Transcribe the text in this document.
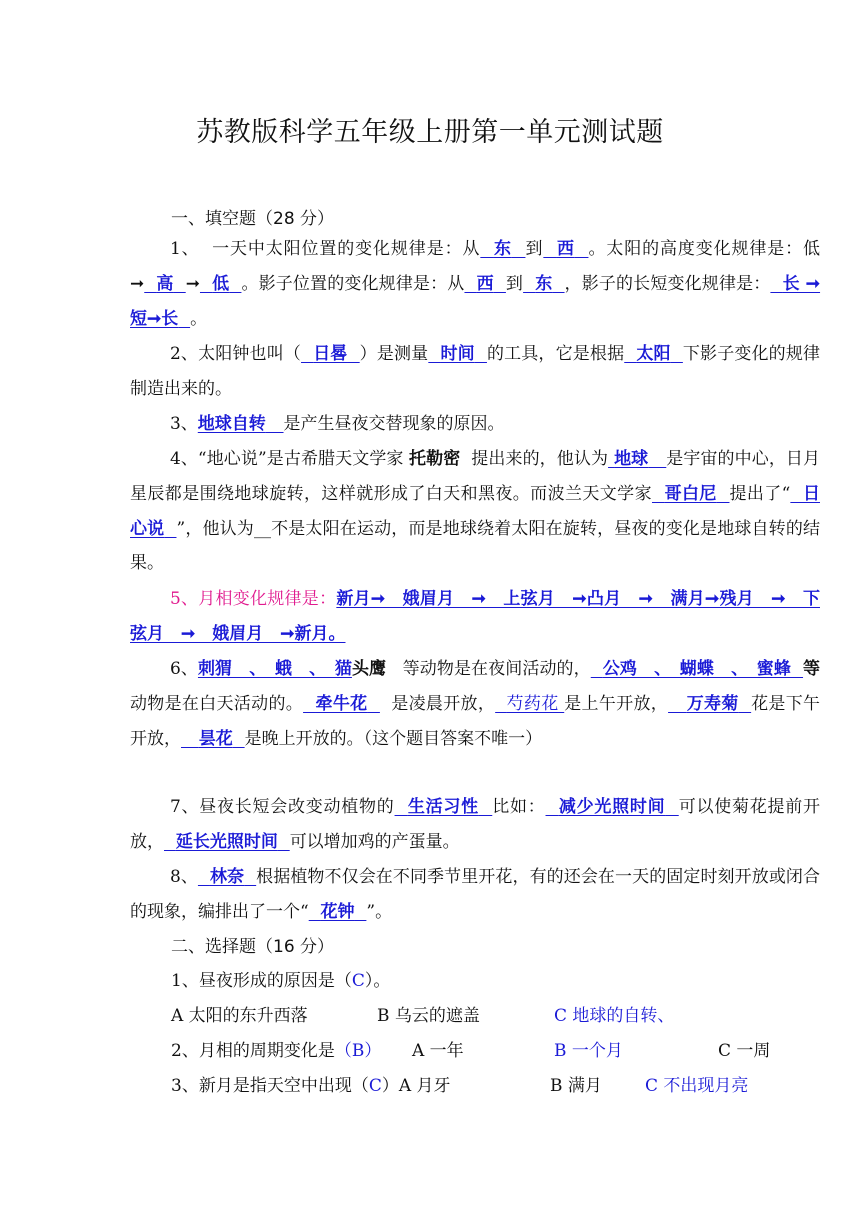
苏教版科学五年级上册第一单元测试题
一、填空题（28 分）
1、 一天中太阳位置的变化规律是：从 东 到 西 。太阳的高度变化规律是：低➞ 高 ➞ 低 。影子位置的变化规律是：从 西 到 东 ，影子的长短变化规律是： 长 ➞短➞长 。
2、太阳钟也叫（ 日晷 ）是测量 时间 的工具，它是根据 太阳 下影子变化的规律制造出来的。
3、地球自转 是产生昼夜交替现象的原因。
4、“地心说”是古希腊天文学家 托勒密 提出来的，他认为 地球 是宇宙的中心，日月星辰都是围绕地球旋转，这样就形成了白天和黑夜。而波兰天文学家 哥白尼 提出了“ 日心说 ”，他认为__不是太阳在运动，而是地球绕着太阳在旋转，昼夜的变化是地球自转的结果。
5、月相变化规律是：新月➞　娥眉月　➞　上弦月　➞凸月　➞　满月➞残月　➞　下弦月　➞　娥眉月　➞新月。
6、刺猬　、　蛾　、　猫头鹰 等动物是在夜间活动的， 公鸡　、　蝴蝶　、　蜜蜂 等动物是在白天活动的。 牵牛花 是凌晨开放， 芍药花 是上午开放， 万寿菊 花是下午开放， 昙花 是晚上开放的。（这个题目答案不唯一）
7、昼夜长短会改变动植物的 生活习性 比如： 减少光照时间 可以使菊花提前开放， 延长光照时间 可以增加鸡的产蛋量。
8、 林奈 根据植物不仅会在不同季节里开花，有的还会在一天的固定时刻开放或闭合的现象，编排出了一个“ 花钟 ”。
二、选择题（16 分）
1、昼夜形成的原因是（C）。
A 太阳的东升西落	B 乌云的遮盖	C 地球的自转、
2、月相的周期变化是（B） A 一年	B 一个月	C 一周
3、新月是指天空中出现（C）A 月牙	B 满月	C 不出现月亮
